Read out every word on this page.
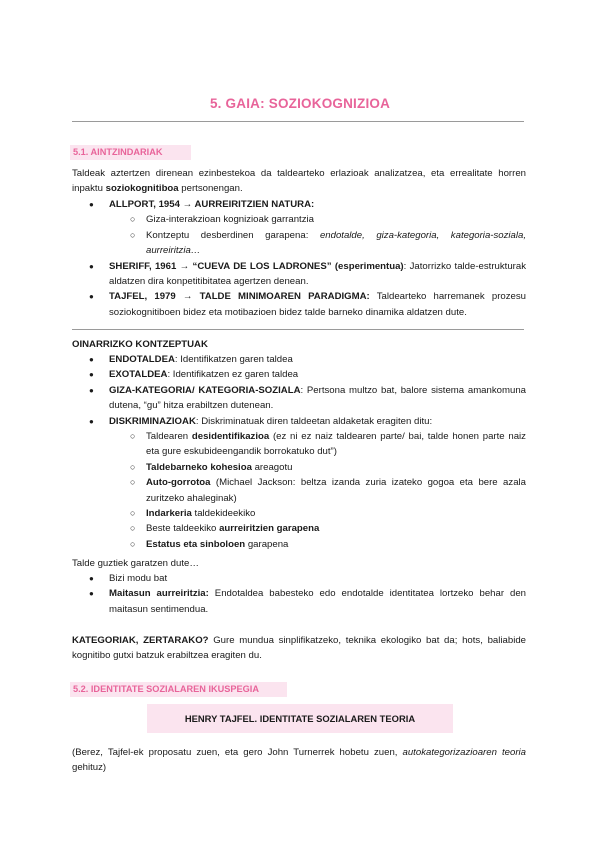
5. GAIA: SOZIOKOGNIZIOA
5.1. AINTZINDARIAK
Taldeak aztertzen direnean ezinbestekoa da taldearteko erlazioak analizatzea, eta errealitate horren inpaktu soziokognitiboa pertsonengan.
● ALLPORT, 1954 → AURREIRITZIEN NATURA:
○ Giza-interakzioan kognizioak garrantzia
○ Kontzeptu desberdinen garapena: endotalde, giza-kategoria, kategoria-soziala, aurreiritzia…
● SHERIFF, 1961 → “CUEVA DE LOS LADRONES” (esperimentua): Jatorrizko talde-estrukturak aldatzen dira konpetitibitatea agertzen denean.
● TAJFEL, 1979 → TALDE MINIMOAREN PARADIGMA: Taldearteko harremanek prozesu soziokognitiboen bidez eta motibazioen bidez talde barneko dinamika aldatzen dute.
OINARRIZKO KONTZEPTUAK
● ENDOTALDEA: Identifikatzen garen taldea
● EXOTALDEA: Identifikatzen ez garen taldea
● GIZA-KATEGORIA/ KATEGORIA-SOZIALA: Pertsona multzo bat, balore sistema amankomuna dutena, “gu” hitza erabiltzen dutenean.
● DISKRIMINAZIOAK: Diskriminatuak diren taldeetan aldaketak eragiten ditu:
○ Taldearen desidentifikazioa (ez ni ez naiz taldearen parte/ bai, talde honen parte naiz eta gure eskubideengandik borrokatuko dut”)
○ Taldebarneko kohesioa areagotu
○ Auto-gorrotoa (Michael Jackson: beltza izanda zuria izateko gogoa eta bere azala zuritzeko ahaleginak)
○ Indarkeria taldekideekiko
○ Beste taldeekiko aurreiritzien garapena
○ Estatus eta sinboloen garapena
Talde guztiek garatzen dute…
● Bizi modu bat
● Maitasun aurreiritzia: Endotaldea babesteko edo endotalde identitatea lortzeko behar den maitasun sentimendua.
KATEGORIAK, ZERTARAKO? Gure mundua sinplifikatzeko, teknika ekologiko bat da; hots, baliabide kognitibo gutxi batzuk erabiltzea eragiten du.
5.2. IDENTITATE SOZIALAREN IKUSPEGIA
HENRY TAJFEL. IDENTITATE SOZIALAREN TEORIA
(Berez, Tajfel-ek proposatu zuen, eta gero John Turnerrek hobetu zuen, autokategorizazioaren teoria gehituz)
